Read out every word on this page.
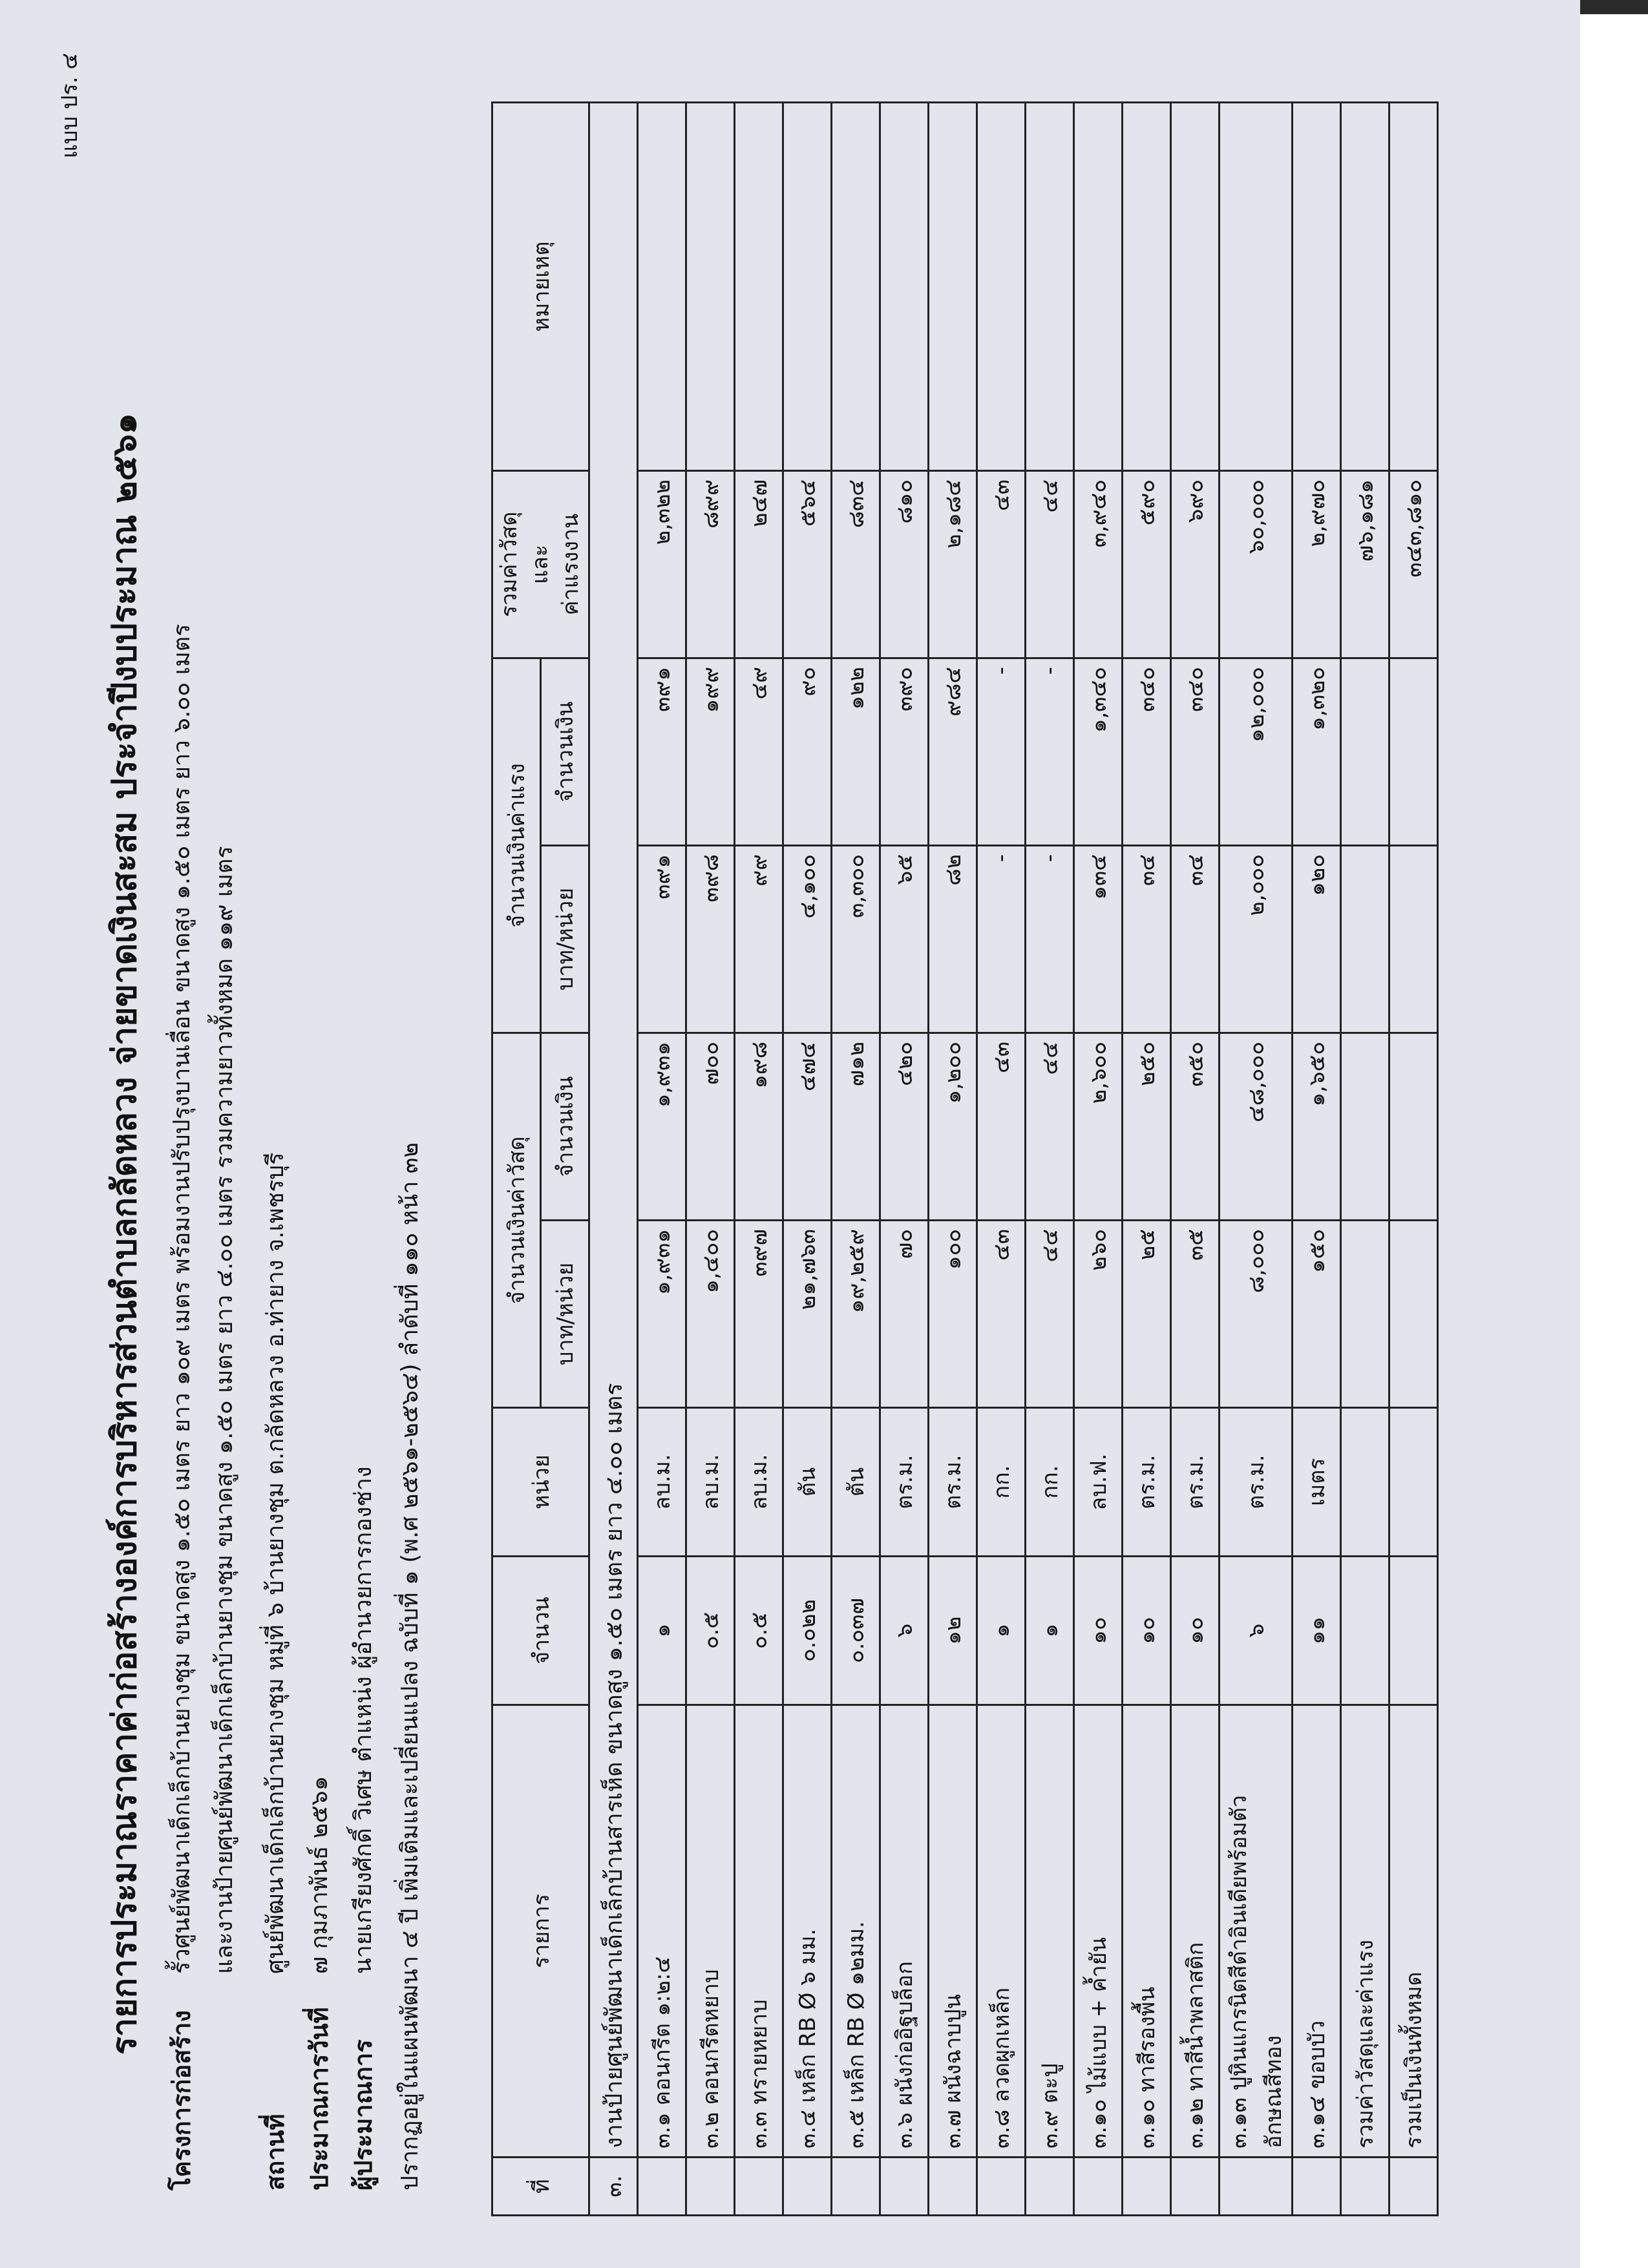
แบบ ปร. ๔
รายการประมาณราคาค่าก่อสร้างองค์การบริหารส่วนตำบลกลัดหลวง จ่ายขาดเงินสะสม ประจำปีงบประมาณ ๒๕๖๑
โครงการก่อสร้าง
รั้วศูนย์พัฒนาเด็กเล็กบ้านยางชุม ขนาดสูง ๑.๕๐ เมตร ยาว ๑๐๙ เมตร พร้อมงานปรับปรุงบานเลื่อน ขนาดสูง ๑.๕๐ เมตร ยาว ๖.๐๐ เมตร และงานป้ายศูนย์พัฒนาเด็กเล็กบ้านยางชุม ขนาดสูง ๑.๕๐ เมตร ยาว ๔.๐๐ เมตร รวมความยาวทั้งหมด ๑๑๙ เมตร
สถานที่
ศูนย์พัฒนาเด็กเล็กบ้านยางชุม หมู่ที่ ๖ บ้านยางชุม ต.กลัดหลวง อ.ท่ายาง จ.เพชรบุรี
ประมาณการวันที่
๗ กุมภาพันธ์ ๒๕๖๑
ผู้ประมาณการ
นายเกรียงศักดิ์ วิเศษ ตำแหน่ง ผู้อำนวยการกองช่าง ปรากฏอยู่ในแผนพัฒนา ๔ ปี เพิ่มเติมและเปลี่ยนแปลง ฉบับที่ ๑ (พ.ศ ๒๕๖๑-๒๕๖๔) ลำดับที่ ๑๑๐ หน้า ๓๒	ที่	รายการ	จำนวน	หน่วย	จำนวนเงินค่าวัสดุ		จำนวนเงินค่าแรง		รวมค่าวัสดุ และ ค่าแรงงาน	หมายเหตุ
				บาท/หน่วย	จำนวนเงิน	บาท/หน่วย	จำนวนเงิน		
๓.	งานป้ายศูนย์พัฒนาเด็กเล็กบ้านสารเห็ด ขนาดสูง ๑.๕๐ เมตร ยาว ๔.๐๐ เมตร								

	๓.๑ คอนกรีต ๑:๒:๔	๑	ลบ.ม.	๑,๙๓๑	๑,๙๓๑	๓๙๑	๓๙๑	๒,๓๒๒	

	๓.๒ คอนกรีตหยาบ	๐.๕	ลบ.ม.	๑,๔๐๐	๗๐๐	๓๙๘	๑๙๙	๘๙๙	

	๓.๓ ทรายหยาบ	๐.๕	ลบ.ม.	๓๙๗	๑๙๘	๙๙	๔๙	๒๔๗	

	๓.๔ เหล็ก RB Ø ๖ มม.	๐.๐๒๒	ตัน	๒๑,๗๖๓	๔๗๔	๔,๑๐๐	๙๐	๕๖๔	

	๓.๕ เหล็ก RB Ø ๑๒มม.	๐.๐๓๗	ตัน	๑๙,๒๕๙	๗๑๒	๓,๓๐๐	๑๒๒	๘๓๔	

	๓.๖ ผนังก่ออิฐบล็อก	๖	ตร.ม.	๗๐	๔๒๐	๖๕	๓๙๐	๘๑๐	

	๓.๗ ผนังฉาบปูน	๑๒	ตร.ม.	๑๐๐	๑,๒๐๐	๘๒	๙๘๔	๒,๑๘๔	

	๓.๘ ลวดผูกเหล็ก	๑	กก.	๔๓	๔๓	-	-	๔๓	

	๓.๙ ตะปู	๑	กก.	๔๔	๔๔	-	-	๔๔	

	๓.๑๐ ไม้แบบ + ค้ำยัน	๑๐	ลบ.ฟ.	๒๖๐	๒,๖๐๐	๑๓๔	๑,๓๔๐	๓,๙๔๐	

	๓.๑๐ ทาสีรองพื้น	๑๐	ตร.ม.	๒๕	๒๕๐	๓๔	๓๔๐	๕๙๐	

	๓.๑๒ ทาสีน้ำพลาสติก	๑๐	ตร.ม.	๓๕	๓๕๐	๓๔	๓๔๐	๖๙๐	

	๓.๑๓ ปูหินแกรนิตสีดำอินเดียพร้อมตัว อักษณสีทอง	๖	ตร.ม.	๘,๐๐๐	๔๘,๐๐๐	๒,๐๐๐	๑๒,๐๐๐	๖๐,๐๐๐	

	๓.๑๔ ขอบบัว	๑๑	เมตร	๑๕๐	๑,๖๕๐	๑๒๐	๑,๓๒๐	๒,๙๗๐	
	รวมค่าวัสดุและค่าแรง							๗๖,๑๘๑	
	รวมเป็นเงินทั้งหมด							๓๔๓,๘๑๐	
